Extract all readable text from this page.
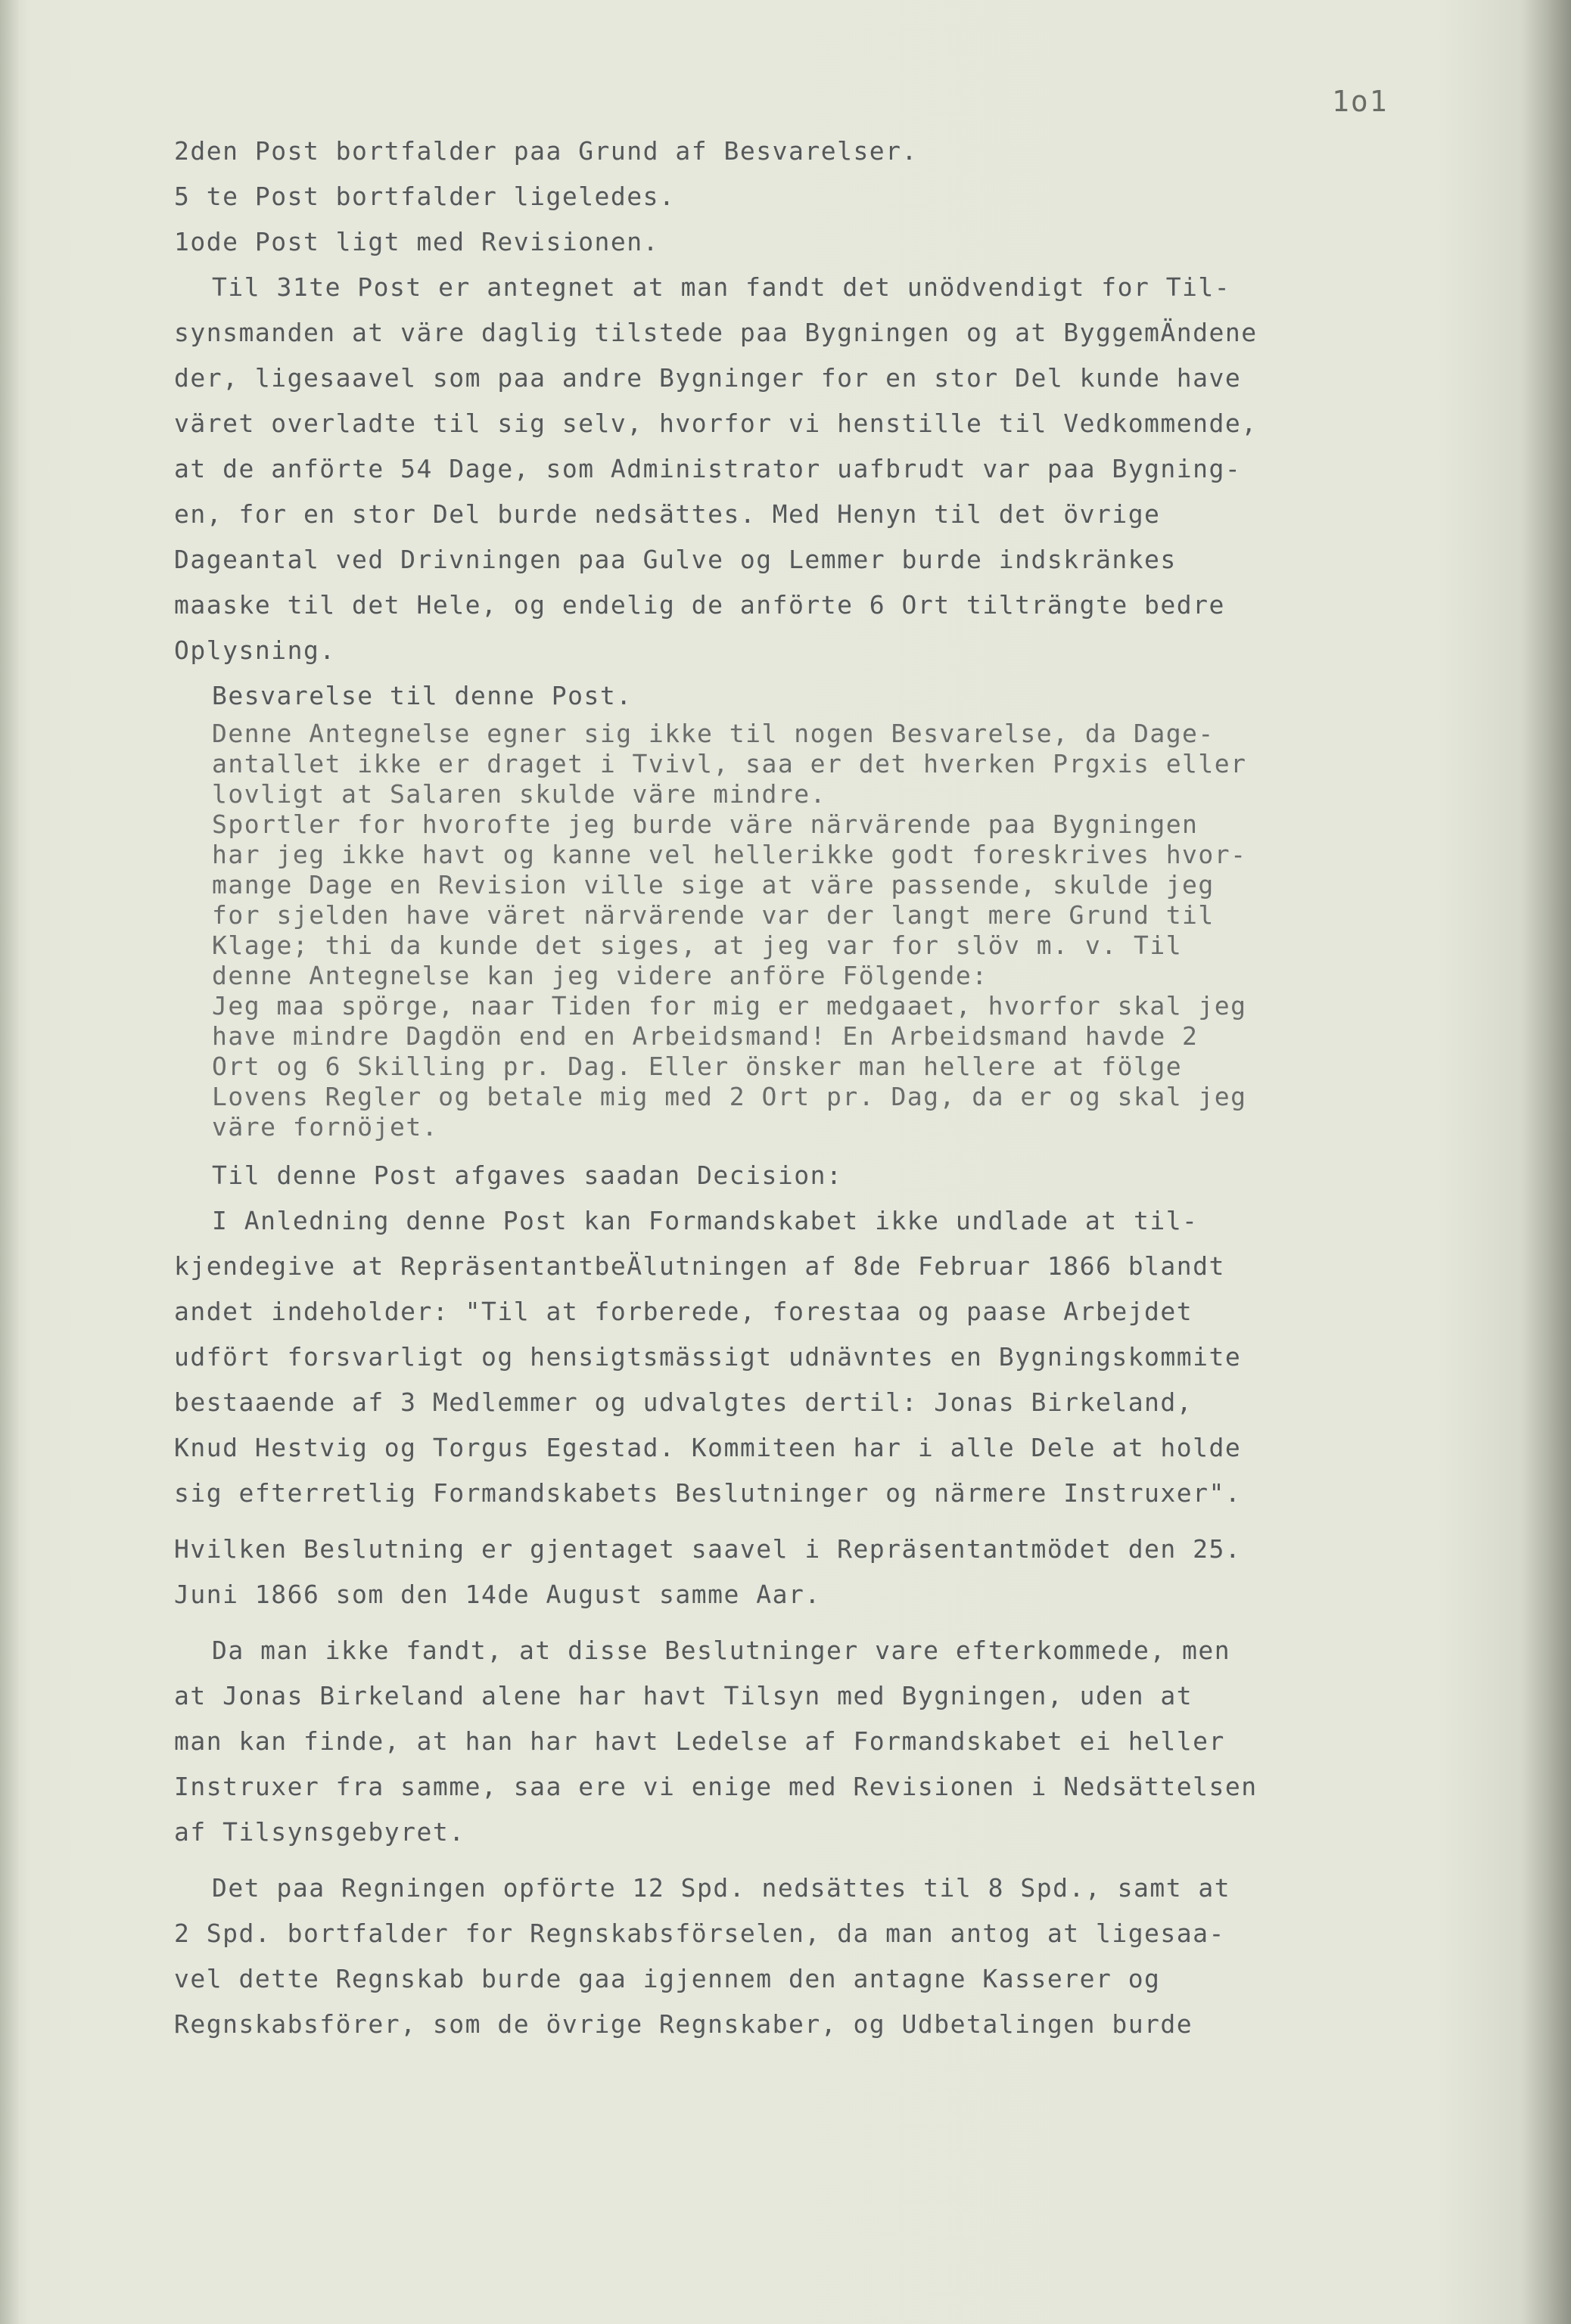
1o1

2den Post bortfalder paa Grund af Besvarelser.

5 te Post bortfalder ligeledes.

1ode Post ligt med Revisionen.

Til 31te Post er antegnet at man fandt det unödvendigt for Til-

synsmanden at väre daglig tilstede paa Bygningen og at ByggemÄndene

der, ligesaavel som paa andre Bygninger for en stor Del kunde have

väret overladte til sig selv, hvorfor vi henstille til Vedkommende,

at de anförte 54 Dage, som Administrator uafbrudt var paa Bygning-

en, for en stor Del burde nedsättes. Med Henyn til det övrige

Dageantal ved Drivningen paa Gulve og Lemmer burde indskränkes

maaske til det Hele, og endelig de anförte 6 Ort tilträngte bedre

Oplysning.

Besvarelse til denne Post.

Denne Antegnelse egner sig ikke til nogen Besvarelse, da Dage-

antallet ikke er draget i Tvivl, saa er det hverken Prgxis eller

lovligt at Salaren skulde väre mindre.

Sportler for hvorofte jeg burde väre närvärende paa Bygningen

har jeg ikke havt og kanne vel hellerikke godt foreskrives hvor-

mange Dage en Revision ville sige at väre passende, skulde jeg

for sjelden have väret närvärende var der langt mere Grund til

Klage; thi da kunde det siges, at jeg var for slöv m. v. Til

denne Antegnelse kan jeg videre anföre Fölgende:

Jeg maa spörge, naar Tiden for mig er medgaaet, hvorfor skal jeg

have mindre Dagdön end en Arbeidsmand! En Arbeidsmand havde 2

Ort og 6 Skilling pr. Dag. Eller önsker man hellere at fölge

Lovens Regler og betale mig med 2 Ort pr. Dag, da er og skal jeg

väre fornöjet.

Til denne Post afgaves saadan Decision:

I Anledning denne Post kan Formandskabet ikke undlade at til-

kjendegive at RepräsentantbeÄlutningen af 8de Februar 1866 blandt

andet indeholder: "Til at forberede, forestaa og paase Arbejdet

udfört forsvarligt og hensigtsmässigt udnävntes en Bygningskommite

bestaaende af 3 Medlemmer og udvalgtes dertil: Jonas Birkeland,

Knud Hestvig og Torgus Egestad. Kommiteen har i alle Dele at holde

sig efterretlig Formandskabets Beslutninger og närmere Instruxer".

Hvilken Beslutning er gjentaget saavel i Repräsentantmödet den 25.

Juni 1866 som den 14de August samme Aar.

Da man ikke fandt, at disse Beslutninger vare efterkommede, men

at Jonas Birkeland alene har havt Tilsyn med Bygningen, uden at

man kan finde, at han har havt Ledelse af Formandskabet ei heller

Instruxer fra samme, saa ere vi enige med Revisionen i Nedsättelsen

af Tilsynsgebyret.

Det paa Regningen opförte 12 Spd. nedsättes til 8 Spd., samt at

2 Spd. bortfalder for Regnskabsförselen, da man antog at ligesaa-

vel dette Regnskab burde gaa igjennem den antagne Kasserer og

Regnskabsförer, som de övrige Regnskaber, og Udbetalingen burde
